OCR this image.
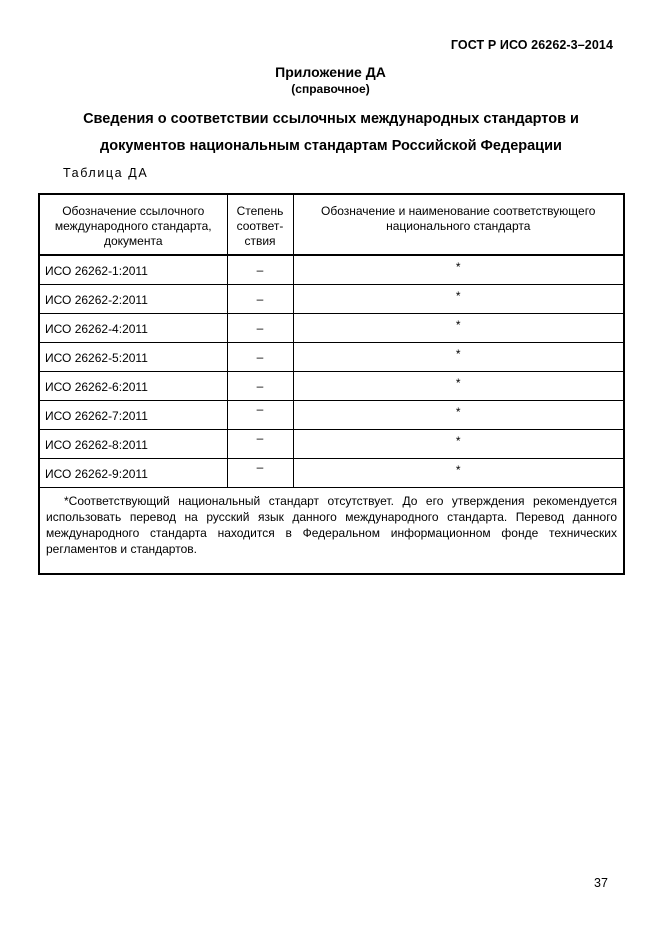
ГОСТ Р ИСО 26262-3–2014
Приложение ДА
(справочное)
Сведения о соответствии ссылочных международных стандартов и
документов национальным стандартам Российской Федерации
Таблица ДА
Обозначение ссылочного международного стандарта, документа	Степень соответ-ствия	Обозначение и наименование соответствующего национального стандарта
ИСО 26262-1:2011	–	*
ИСО 26262-2:2011	–	*
ИСО 26262-4:2011	–	*
ИСО 26262-5:2011	–	*
ИСО 26262-6:2011	–	*
ИСО 26262-7:2011	–	*
ИСО 26262-8:2011	–	*
ИСО 26262-9:2011	–	*
*Соответствующий национальный стандарт отсутствует. До его утверждения рекомендуется использовать перевод на русский язык данного международного стандарта. Перевод данного международного стандарта находится в Федеральном информационном фонде технических регламентов и стандартов.		
37
